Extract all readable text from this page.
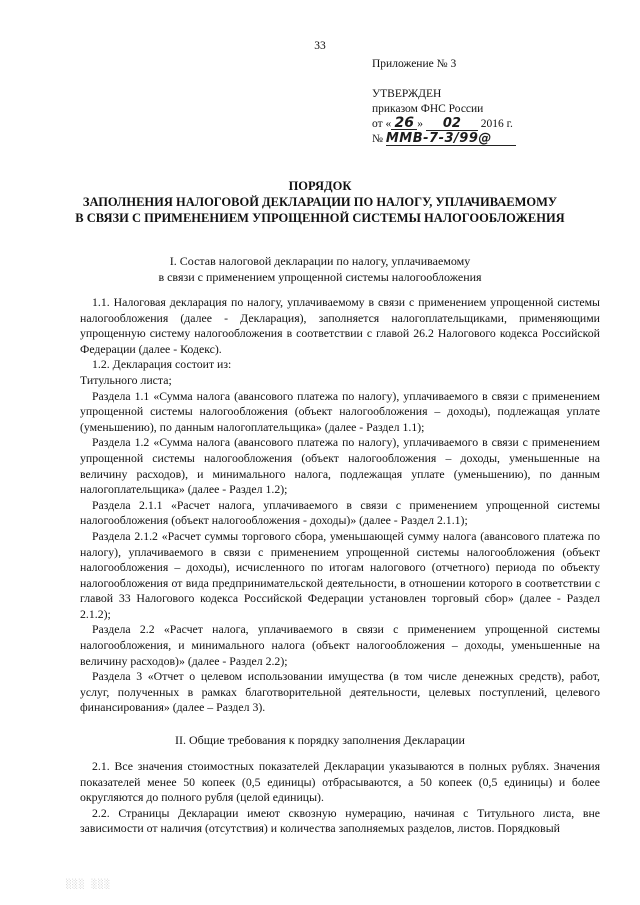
33
Приложение № 3
УТВЕРЖДЕН
приказом ФНС России
от « 26 » 02 2016 г.
№ ММВ-7-3/99@
ПОРЯДОК
ЗАПОЛНЕНИЯ НАЛОГОВОЙ ДЕКЛАРАЦИИ ПО НАЛОГУ, УПЛАЧИВАЕМОМУ
В СВЯЗИ С ПРИМЕНЕНИЕМ УПРОЩЕННОЙ СИСТЕМЫ НАЛОГООБЛОЖЕНИЯ
I. Состав налоговой декларации по налогу, уплачиваемому
в связи с применением упрощенной системы налогообложения

1.1. Налоговая декларация по налогу, уплачиваемому в связи с применением упрощенной системы налогообложения (далее - Декларация), заполняется налогоплательщиками, применяющими упрощенную систему налогообложения в соответствии с главой 26.2 Налогового кодекса Российской Федерации (далее - Кодекс).

1.2. Декларация состоит из:

Титульного листа;

Раздела 1.1 «Сумма налога (авансового платежа по налогу), уплачиваемого в связи с применением упрощенной системы налогообложения (объект налогообложения – доходы), подлежащая уплате (уменьшению), по данным налогоплательщика» (далее - Раздел 1.1);

Раздела 1.2 «Сумма налога (авансового платежа по налогу), уплачиваемого в связи с применением упрощенной системы налогообложения (объект налогообложения – доходы, уменьшенные на величину расходов), и минимального налога, подлежащая уплате (уменьшению), по данным налогоплательщика» (далее - Раздел 1.2);

Раздела 2.1.1 «Расчет налога, уплачиваемого в связи с применением упрощенной системы налогообложения (объект налогообложения - доходы)» (далее - Раздел 2.1.1);

Раздела 2.1.2 «Расчет суммы торгового сбора, уменьшающей сумму налога (авансового платежа по налогу), уплачиваемого в связи с применением упрощенной системы налогообложения (объект налогообложения – доходы), исчисленного по итогам налогового (отчетного) периода по объекту налогообложения от вида предпринимательской деятельности, в отношении которого в соответствии с главой 33 Налогового кодекса Российской Федерации установлен торговый сбор» (далее - Раздел 2.1.2);

Раздела 2.2 «Расчет налога, уплачиваемого в связи с применением упрощенной системы налогообложения, и минимального налога (объект налогообложения – доходы, уменьшенные на величину расходов)» (далее - Раздел 2.2);

Раздела 3 «Отчет о целевом использовании имущества (в том числе денежных средств), работ, услуг, полученных в рамках благотворительной деятельности, целевых поступлений, целевого финансирования» (далее – Раздел 3).

II. Общие требования к порядку заполнения Декларации

2.1. Все значения стоимостных показателей Декларации указываются в полных рублях. Значения показателей менее 50 копеек (0,5 единицы) отбрасываются, а 50 копеек (0,5 единицы) и более округляются до полного рубля (целой единицы).

2.2. Страницы Декларации имеют сквозную нумерацию, начиная с Титульного листа, вне зависимости от наличия (отсутствия) и количества заполняемых разделов, листов. Порядковый

░░░ ░░░
